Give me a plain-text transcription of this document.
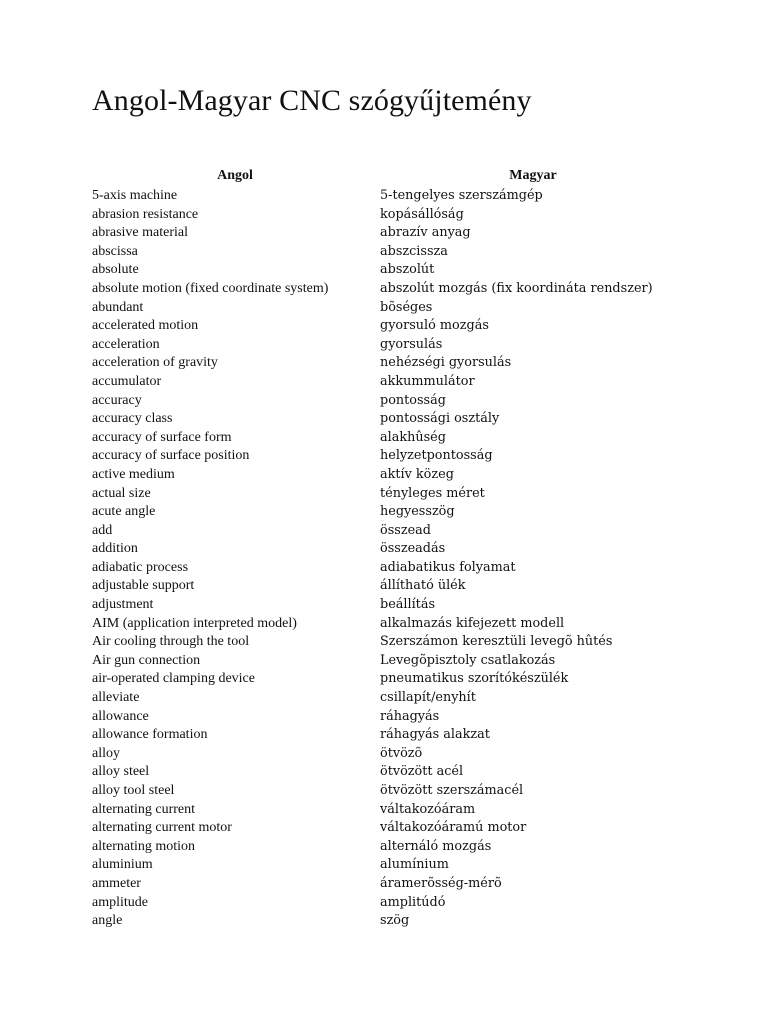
Angol-Magyar CNC szógyűjtemény
Angol	Magyar
5-axis machine	5-tengelyes szerszámgép
abrasion resistance	kopásállóság
abrasive material	abrazív anyag
abscissa	abszcissza
absolute	abszolút
absolute motion (fixed coordinate system)	abszolút mozgás (fix koordináta rendszer)
abundant	bõséges
accelerated motion	gyorsuló mozgás
acceleration	gyorsulás
acceleration of gravity	nehézségi gyorsulás
accumulator	akkummulátor
accuracy	pontosság
accuracy class	pontossági osztály
accuracy of surface form	alakhûség
accuracy of surface position	helyzetpontosság
active medium	aktív közeg
actual size	tényleges méret
acute angle	hegyesszög
add	összead
addition	összeadás
adiabatic process	adiabatikus folyamat
adjustable support	állítható ülék
adjustment	beállítás
AIM (application interpreted model)	alkalmazás kifejezett modell
Air cooling through the tool	Szerszámon keresztüli levegõ hûtés
Air gun connection	Levegõpisztoly csatlakozás
air-operated clamping device	pneumatikus szorítókészülék
alleviate	csillapít/enyhít
allowance	ráhagyás
allowance formation	ráhagyás alakzat
alloy	ötvözõ
alloy steel	ötvözött acél
alloy tool steel	ötvözött szerszámacél
alternating current	váltakozóáram
alternating current motor	váltakozóáramú motor
alternating motion	alternáló mozgás
aluminium	alumínium
ammeter	áramerõsség-mérõ
amplitude	amplitúdó
angle	szög
